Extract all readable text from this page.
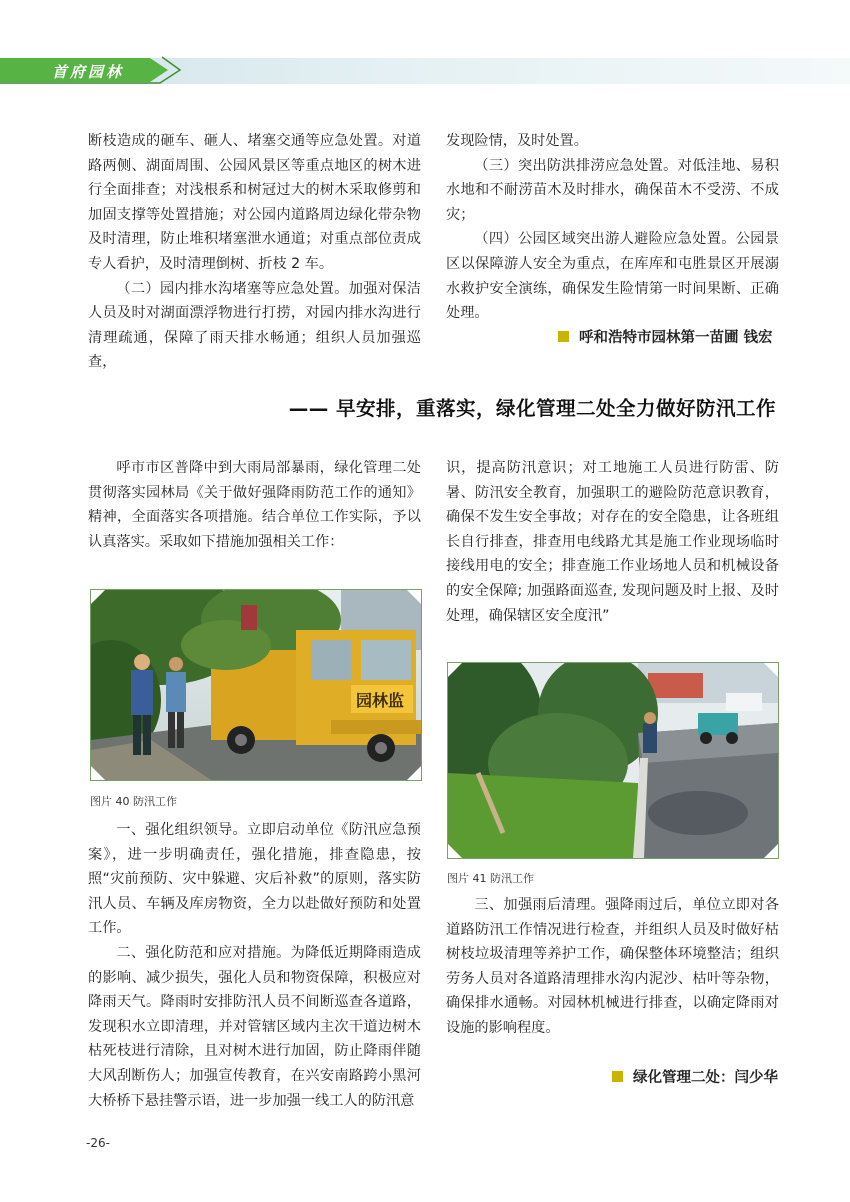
首府园林

断枝造成的砸车、砸人、堵塞交通等应急处置。对道路两侧、湖面周围、公园风景区等重点地区的树木进行全面排查；对浅根系和树冠过大的树木采取修剪和加固支撑等处置措施；对公园内道路周边绿化带杂物及时清理，防止堆积堵塞泄水通道；对重点部位责成专人看护，及时清理倒树、折枝 2 车。

（二）园内排水沟堵塞等应急处置。加强对保洁人员及时对湖面漂浮物进行打捞，对园内排水沟进行清理疏通，保障了雨天排水畅通；组织人员加强巡查，

发现险情，及时处置。

（三）突出防洪排涝应急处置。对低洼地、易积水地和不耐涝苗木及时排水，确保苗木不受涝、不成灾；

（四）公园区域突出游人避险应急处置。公园景区以保障游人安全为重点，在库库和屯胜景区开展溺水救护安全演练，确保发生险情第一时间果断、正确处理。

呼和浩特市园林第一苗圃 钱宏
—— 早安排，重落实，绿化管理二处全力做好防汛工作

呼市市区普降中到大雨局部暴雨，绿化管理二处贯彻落实园林局《关于做好强降雨防范工作的通知》精神，全面落实各项措施。结合单位工作实际，予以认真落实。采取如下措施加强相关工作：

园林监
图片 40 防汛工作

一、强化组织领导。立即启动单位《防汛应急预案》，进一步明确责任，强化措施，排查隐患，按照“灾前预防、灾中躲避、灾后补救”的原则，落实防汛人员、车辆及库房物资，全力以赴做好预防和处置工作。

二、强化防范和应对措施。为降低近期降雨造成的影响、减少损失，强化人员和物资保障，积极应对降雨天气。降雨时安排防汛人员不间断巡查各道路，发现积水立即清理，并对管辖区域内主次干道边树木枯死枝进行清除，且对树木进行加固，防止降雨伴随大风刮断伤人；加强宣传教育，在兴安南路跨小黑河大桥桥下悬挂警示语，进一步加强一线工人的防汛意

识，提高防汛意识；对工地施工人员进行防雷、防暑、防汛安全教育，加强职工的避险防范意识教育，确保不发生安全事故；对存在的安全隐患，让各班组长自行排查，排查用电线路尤其是施工作业现场临时接线用电的安全；排查施工作业场地人员和机械设备的安全保障; 加强路面巡查, 发现问题及时上报、及时处理，确保辖区安全度汛”

图片 41 防汛工作

三、加强雨后清理。强降雨过后，单位立即对各道路防汛工作情况进行检查，并组织人员及时做好枯树枝垃圾清理等养护工作，确保整体环境整洁；组织劳务人员对各道路清理排水沟内泥沙、枯叶等杂物，确保排水通畅。对园林机械进行排查，以确定降雨对设施的影响程度。

绿化管理二处：闫少华
-26-
